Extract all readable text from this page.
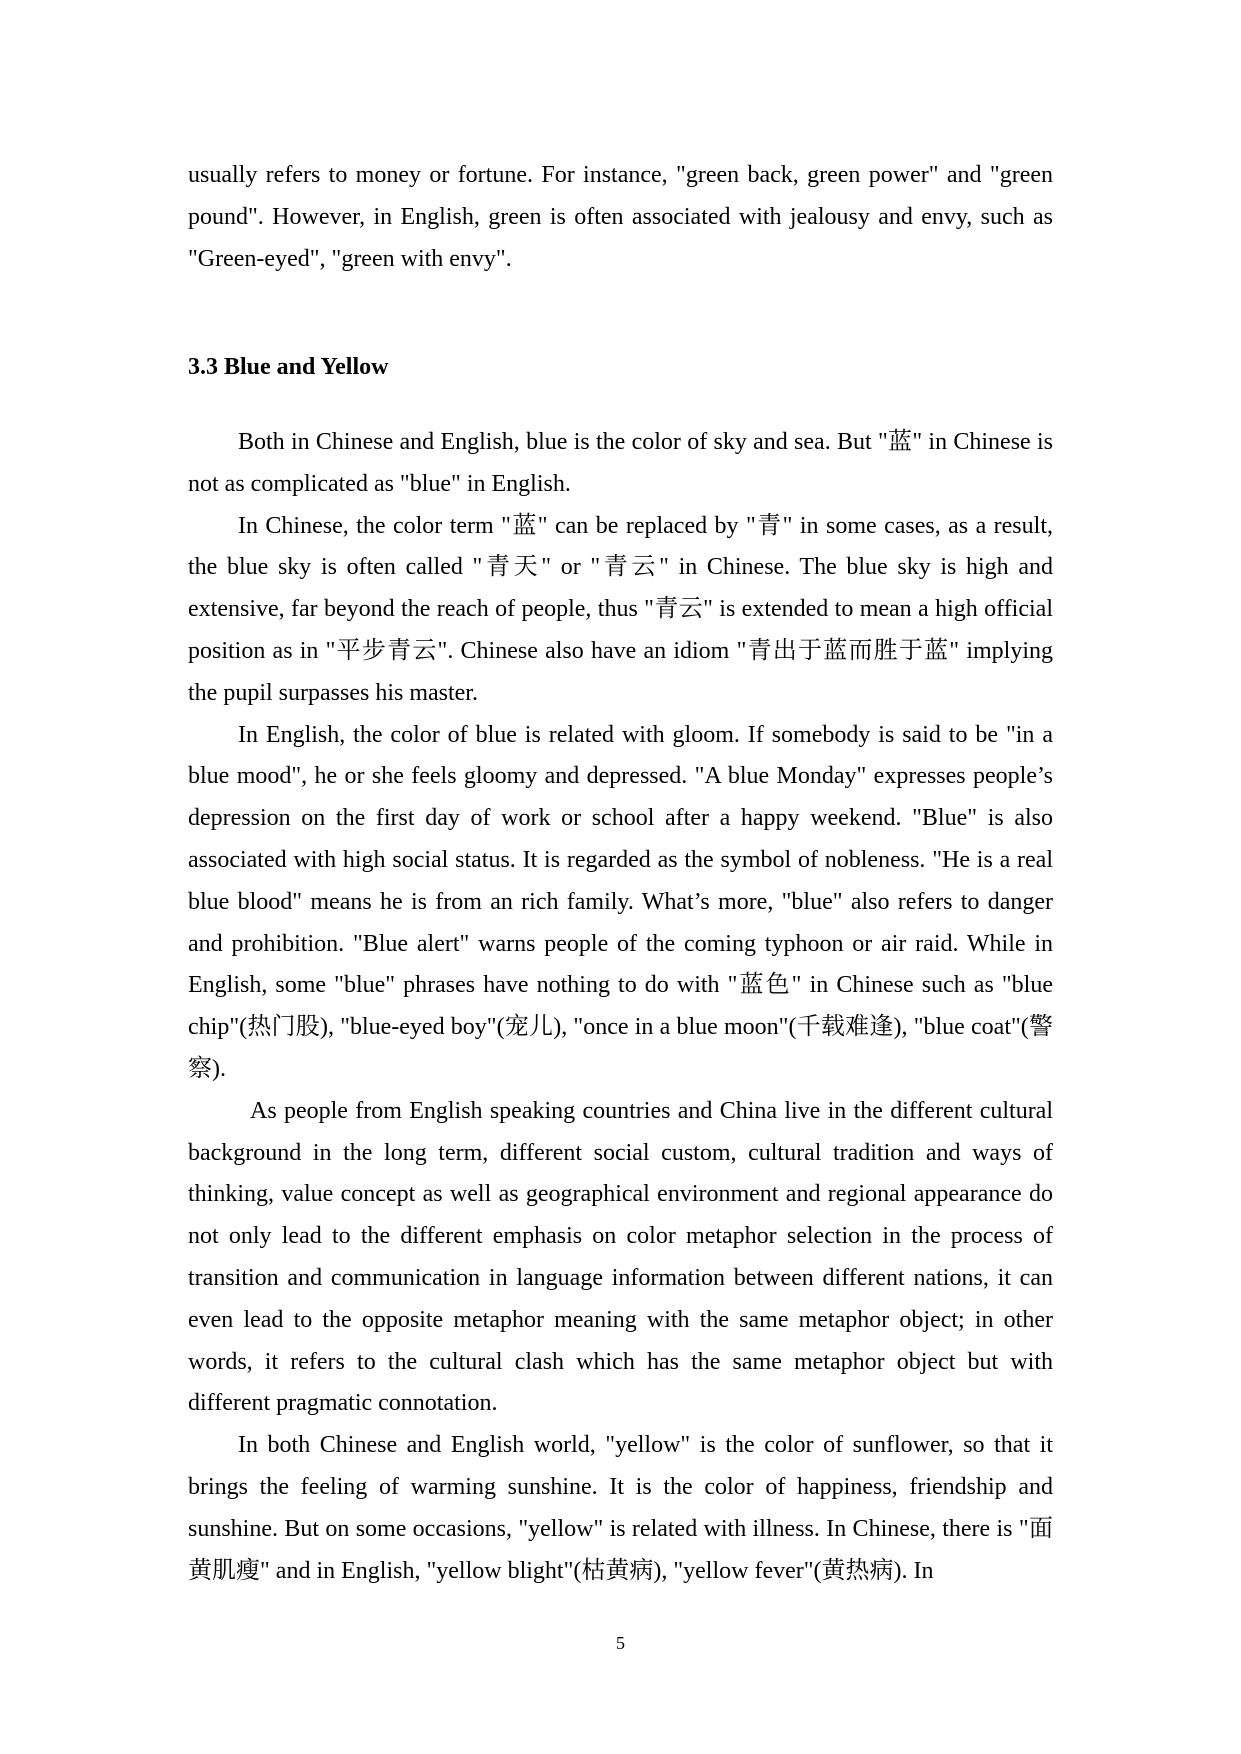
usually refers to money or fortune. For instance, "green back, green power" and "green pound". However, in English, green is often associated with jealousy and envy, such as "Green-eyed", "green with envy".

3.3 Blue and Yellow

Both in Chinese and English, blue is the color of sky and sea. But "蓝" in Chinese is not as complicated as "blue" in English.

In Chinese, the color term "蓝" can be replaced by "青" in some cases, as a result, the blue sky is often called "青天" or "青云" in Chinese. The blue sky is high and extensive, far beyond the reach of people, thus "青云" is extended to mean a high official position as in "平步青云". Chinese also have an idiom "青出于蓝而胜于蓝" implying the pupil surpasses his master.

In English, the color of blue is related with gloom. If somebody is said to be "in a blue mood", he or she feels gloomy and depressed. "A blue Monday" expresses people’s depression on the first day of work or school after a happy weekend. "Blue" is also associated with high social status. It is regarded as the symbol of nobleness. "He is a real blue blood" means he is from an rich family. What’s more, "blue" also refers to danger and prohibition. "Blue alert" warns people of the coming typhoon or air raid. While in English, some "blue" phrases have nothing to do with "蓝色" in Chinese such as "blue chip"(热门股), "blue-eyed boy"(宠儿), "once in a blue moon"(千载难逢), "blue coat"(警察).

As people from English speaking countries and China live in the different cultural background in the long term, different social custom, cultural tradition and ways of thinking, value concept as well as geographical environment and regional appearance do not only lead to the different emphasis on color metaphor selection in the process of transition and communication in language information between different nations, it can even lead to the opposite metaphor meaning with the same metaphor object; in other words, it refers to the cultural clash which has the same metaphor object but with different pragmatic connotation.

In both Chinese and English world, "yellow" is the color of sunflower, so that it brings the feeling of warming sunshine. It is the color of happiness, friendship and sunshine. But on some occasions, "yellow" is related with illness. In Chinese, there is "面黄肌瘦" and in English, "yellow blight"(枯黄病), "yellow fever"(黄热病). In

5
